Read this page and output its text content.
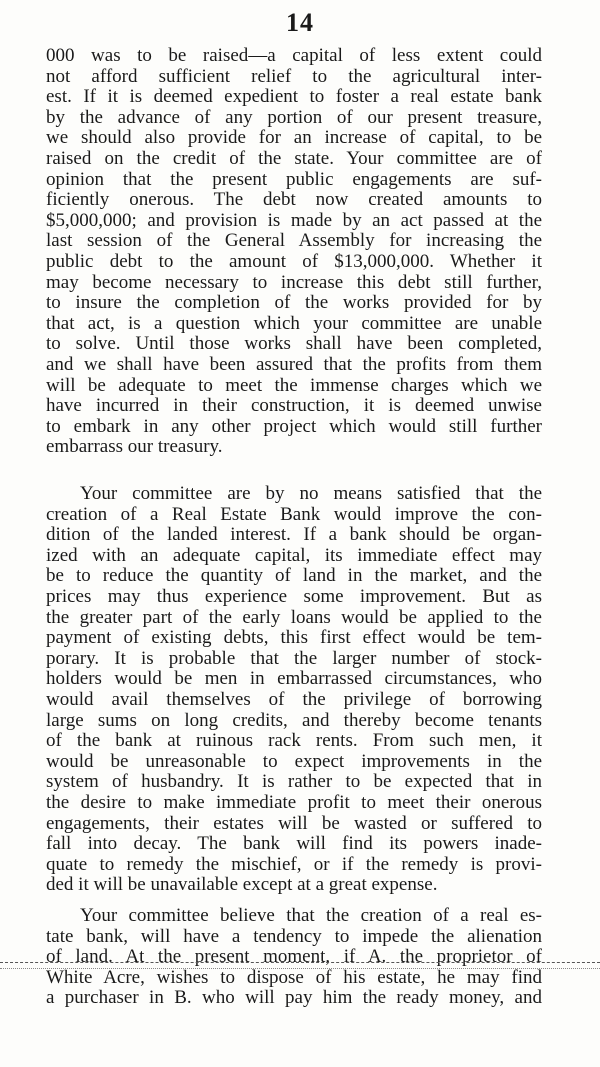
14
000 was to be raised—a capital of less extent could
not afford sufficient relief to the agricultural inter-
est. If it is deemed expedient to foster a real estate bank
by the advance of any portion of our present treasure,
we should also provide for an increase of capital, to be
raised on the credit of the state. Your committee are of
opinion that the present public engagements are suf-
ficiently onerous. The debt now created amounts to
$5,000,000; and provision is made by an act passed at the
last session of the General Assembly for increasing the
public debt to the amount of $13,000,000. Whether it
may become necessary to increase this debt still further,
to insure the completion of the works provided for by
that act, is a question which your committee are unable
to solve. Until those works shall have been completed,
and we shall have been assured that the profits from them
will be adequate to meet the immense charges which we
have incurred in their construction, it is deemed unwise
to embark in any other project which would still further
embarrass our treasury.
Your committee are by no means satisfied that the
creation of a Real Estate Bank would improve the con-
dition of the landed interest. If a bank should be organ-
ized with an adequate capital, its immediate effect may
be to reduce the quantity of land in the market, and the
prices may thus experience some improvement. But as
the greater part of the early loans would be applied to the
payment of existing debts, this first effect would be tem-
porary. It is probable that the larger number of stock-
holders would be men in embarrassed circumstances, who
would avail themselves of the privilege of borrowing
large sums on long credits, and thereby become tenants
of the bank at ruinous rack rents. From such men, it
would be unreasonable to expect improvements in the
system of husbandry. It is rather to be expected that in
the desire to make immediate profit to meet their onerous
engagements, their estates will be wasted or suffered to
fall into decay. The bank will find its powers inade-
quate to remedy the mischief, or if the remedy is provi-
ded it will be unavailable except at a great expense.
Your committee believe that the creation of a real es-
tate bank, will have a tendency to impede the alienation
of land. At the present moment, if A. the proprietor of
White Acre, wishes to dispose of his estate, he may find
a purchaser in B. who will pay him the ready money, and
